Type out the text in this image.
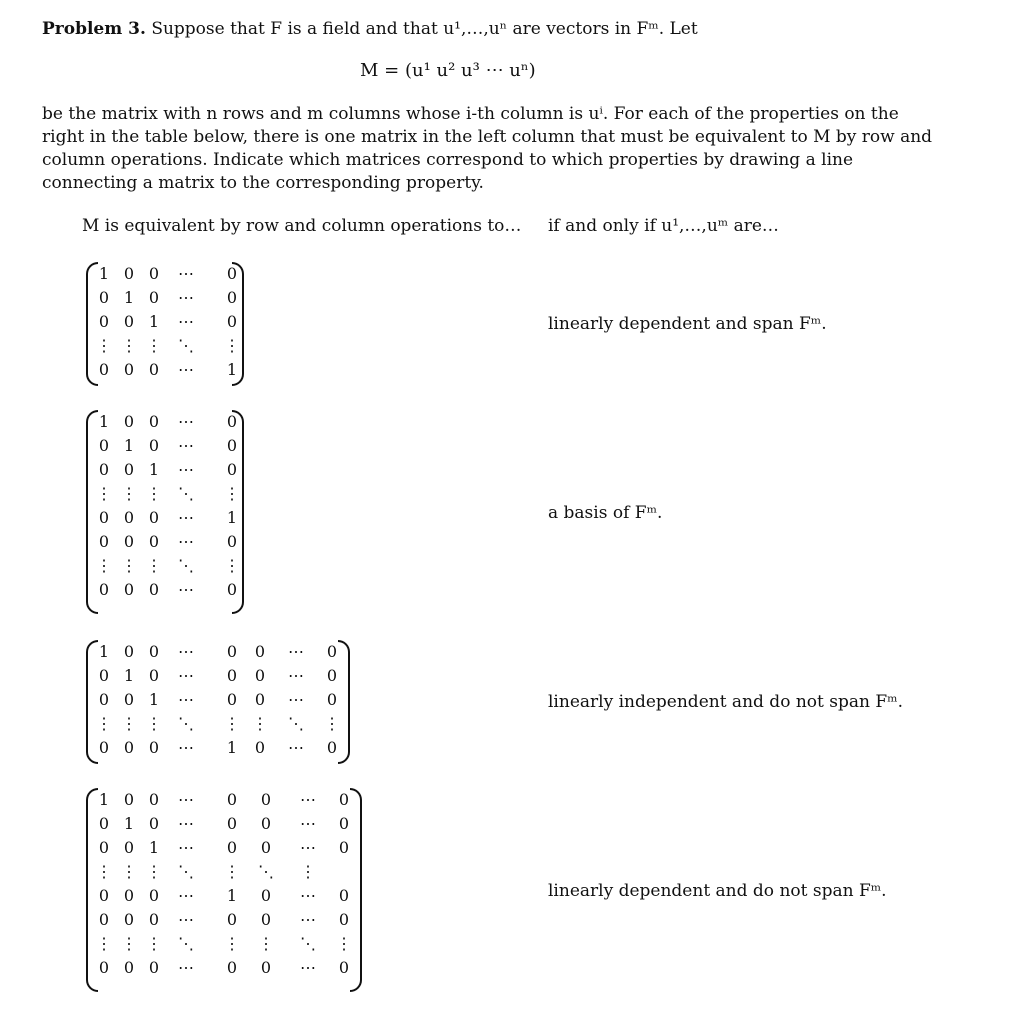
Problem 3. Suppose that F is a field and that u¹,…,uⁿ are vectors in Fᵐ. Let
M = (u¹ u² u³ ⋯ uⁿ)
be the matrix with n rows and m columns whose i-th column is uⁱ. For each of the properties on the right in the table below, there is one matrix in the left column that must be equivalent to M by row and column operations. Indicate which matrices correspond to which properties by drawing a line connecting a matrix to the corresponding property.
M is equivalent by row and column operations to… if and only if u¹,…,uᵐ are…
1 0 0	⋯	0
0 1 0	⋯	0
0 0 1	⋯	0
⋮ ⋮ ⋮ ⋱ ⋮
0 0 0	⋯	1
1 0 0	⋯	0
0 1 0	⋯	0
0 0 1	⋯	0
⋮ ⋮ ⋮ ⋱ ⋮
0 0 0	⋯	1
0 0 0	⋯	0
⋮ ⋮ ⋮ ⋱ ⋮
0 0 0	⋯	0
1 0 0	⋯	0	0	⋯	0
0 1 0	⋯	0	0	⋯	0
0 0 1	⋯	0	0	⋯	0
⋮ ⋮ ⋮ ⋱ ⋮ ⋮ ⋱ ⋮
0 0 0	⋯	1	0	⋯	0
1 0 0	⋯	0	0	⋯	0
0 1 0	⋯	0	0	⋯	0
0 0 1	⋯	0	0	⋯	0
⋮ ⋮ ⋮ ⋱ ⋮ ⋱ ⋮
0 0 0	⋯	1	0	⋯	0
0 0 0	⋯	0	0	⋯	0
⋮ ⋮ ⋮ ⋱ ⋮ ⋮ ⋱ ⋮
0 0 0	⋯	0	0	⋯	0
linearly dependent and span Fᵐ.
a basis of Fᵐ.
linearly independent and do not span Fᵐ.
linearly dependent and do not span Fᵐ.
